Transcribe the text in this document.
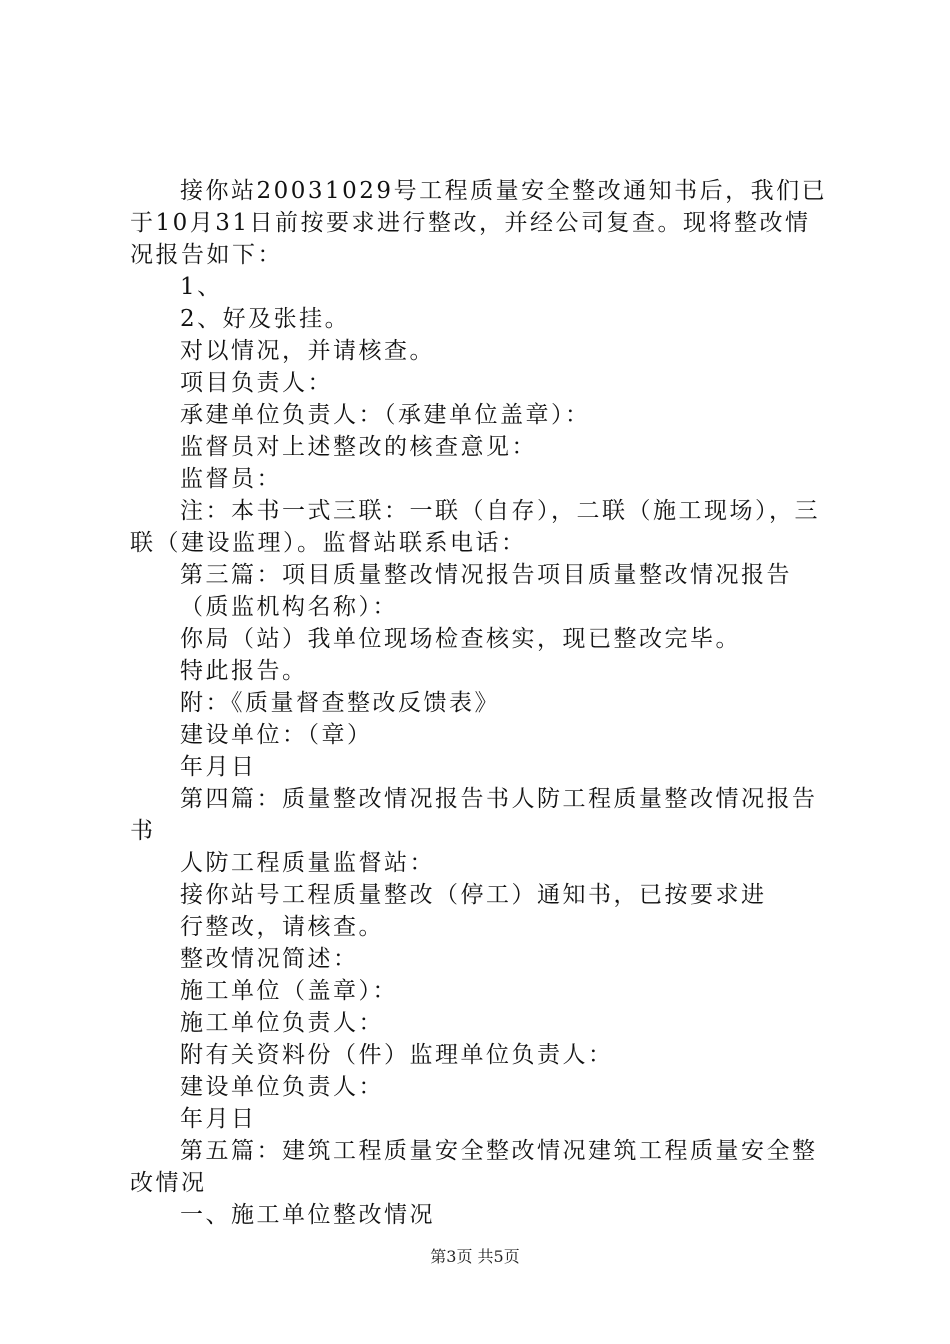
接你站20031029号工程质量安全整改通知书后，我们已于10月31日前按要求进行整改，并经公司复查。现将整改情况报告如下：

1、

2、好及张挂。

对以情况，并请核查。

项目负责人：

承建单位负责人：（承建单位盖章）：

监督员对上述整改的核查意见：

监督员：

注：本书一式三联：一联（自存），二联（施工现场），三联（建设监理）。监督站联系电话：

第三篇：项目质量整改情况报告项目质量整改情况报告

（质监机构名称）：

你局（站）我单位现场检查核实，现已整改完毕。

特此报告。

附：《质量督查整改反馈表》

建设单位：（章）

年月日

第四篇：质量整改情况报告书人防工程质量整改情况报告书

人防工程质量监督站：

接你站号工程质量整改（停工）通知书，已按要求进

行整改，请核查。

整改情况简述：

施工单位（盖章）：

施工单位负责人：

附有关资料份（件）监理单位负责人：

建设单位负责人：

年月日

第五篇：建筑工程质量安全整改情况建筑工程质量安全整改情况

一、施工单位整改情况

第3页 共5页
